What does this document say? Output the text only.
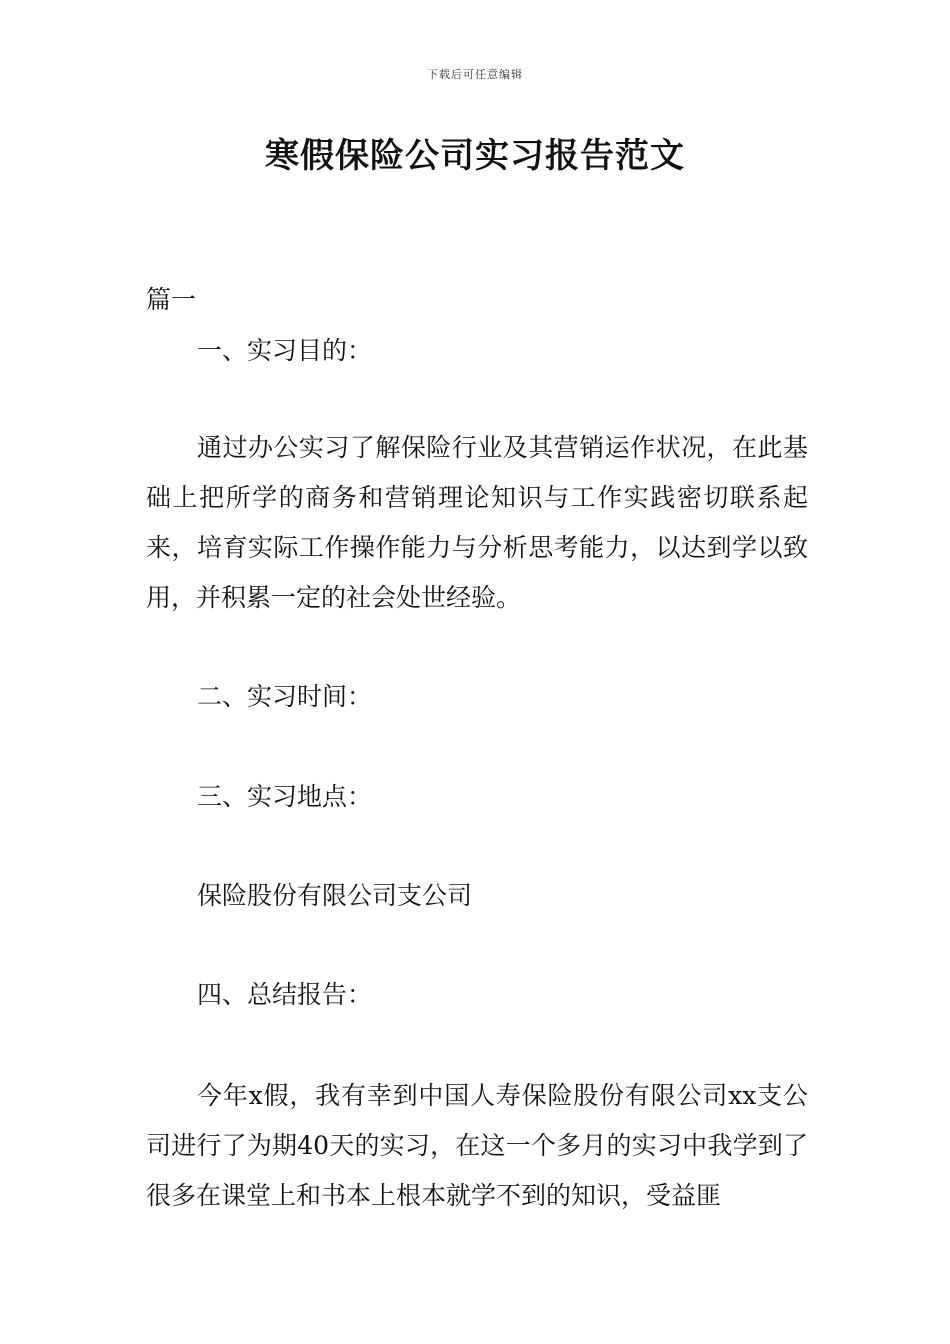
下载后可任意编辑
寒假保险公司实习报告范文
篇一
一、实习目的：
通过办公实习了解保险行业及其营销运作状况，在此基础上把所学的商务和营销理论知识与工作实践密切联系起来，培育实际工作操作能力与分析思考能力，以达到学以致用，并积累一定的社会处世经验。
二、实习时间：
三、实习地点：
保险股份有限公司支公司
四、总结报告：
今年x假，我有幸到中国人寿保险股份有限公司xx支公司进行了为期40天的实习，在这一个多月的实习中我学到了很多在课堂上和书本上根本就学不到的知识，受益匪
